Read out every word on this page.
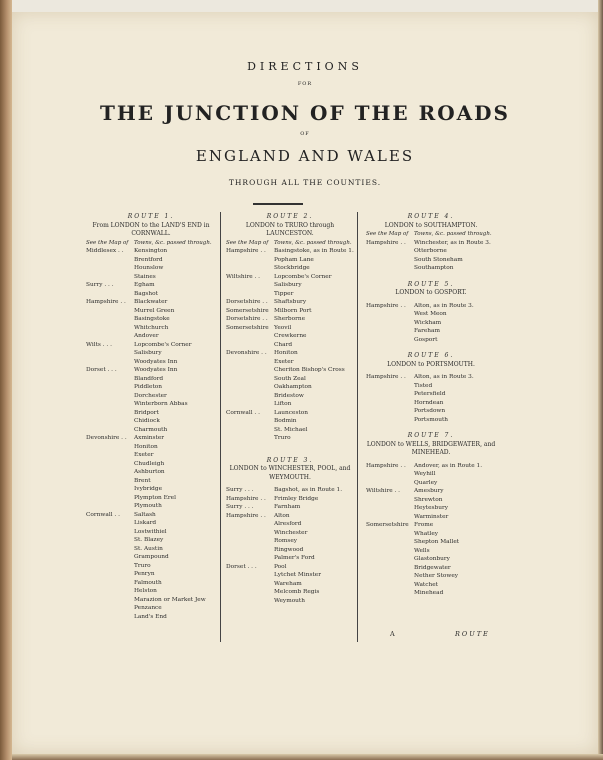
DIRECTIONS
FOR
THE JUNCTION OF THE ROADS
OF
ENGLAND AND WALES
THROUGH ALL THE COUNTIES.
ROUTE 1.
From LONDON to the LAND'S END in CORNWALL.
See the Map of	Towns, &c. passed through.
Middlesex . .	Kensington
Brentford
Hounslow
Staines
Surry . . .	Egham
Bagshot
Hampshire . .	Blackwater
Murrel Green
Basingstoke
Whitchurch
Andover
Wilts . . .	Lopcombe's Corner
Salisbury
Woodyates Inn
Dorset . . .	Woodyates Inn
Blandford
Piddleton
Dorchester
Winterborn Abbas
Bridport
Chidiock
Charmouth
Devonshire . .	Axminster
Honiton
Exeter
Chudleigh
Ashburton
Brent
Ivybridge
Plympton Erel
Plymouth
Cornwall . .	Saltash
Liskard
Lostwithiel
St. Blazey
St. Austin
Grampound
Truro
Penryn
Falmouth
Helston
Marazion or Market Jew
Penzance
Land's End
ROUTE 2.
LONDON to TRURO through LAUNCESTON.
See the Map of	Towns, &c. passed through.
Hampshire . .	Basingstoke, as in Route 1.
Popham Lane
Stockbridge
Wiltshire . .	Lopcombe's Corner
Salisbury
Tipper
Dorsetshire . .	Shaftsbury
Somersetshire Milborn Port
Dorsetshire . .	Sherborne
Somersetshire Yeovil
Crewkerne
Chard
Devonshire . .	Honiton
Exeter
Cheriton Bishop's Cross
South Zeal
Oakhampton
Bridestow
Lifton
Cornwall . .	Launceston
Bodmin
St. Michael
Truro
ROUTE 3.
LONDON to WINCHESTER, POOL, and WEYMOUTH.
Surry . . .	Bagshot, as in Route 1.
Hampshire . .	Frimley Bridge
Surry . . .	Farnham
Hampshire . .	Alton
Alresford
Winchester
Romsey
Ringwood
Palmer's Ford
Dorset . . .	Pool
Lytchet Minster
Wareham
Melcomb Regis
Weymouth
ROUTE 4.
LONDON to SOUTHAMPTON.
See the Map of	Towns, &c. passed through.
Hampshire . .	Winchester, as in Route 3.
Otterborne
South Stoneham
Southampton
ROUTE 5.
LONDON to GOSPORT.
Hampshire . .	Alton, as in Route 3.
West Meon
Wickham
Fareham
Gosport
ROUTE 6.
LONDON to PORTSMOUTH.
Hampshire . .	Alton, as in Route 3.
Tisted
Petersfield
Horndean
Portsdown
Portsmouth
ROUTE 7.
LONDON to WELLS, BRIDGEWATER, and MINEHEAD.
Hampshire . .	Andover, as in Route 1.
Weyhill
Quarley
Wiltshire . .	Amesbury
Shrewton
Heytesbury
Warminster
Somersetshire Frome
Whatley
Shepton Mallet
Wells
Glastonbury
Bridgewater
Nether Stowey
Watchet
Minehead
A	ROUTE
